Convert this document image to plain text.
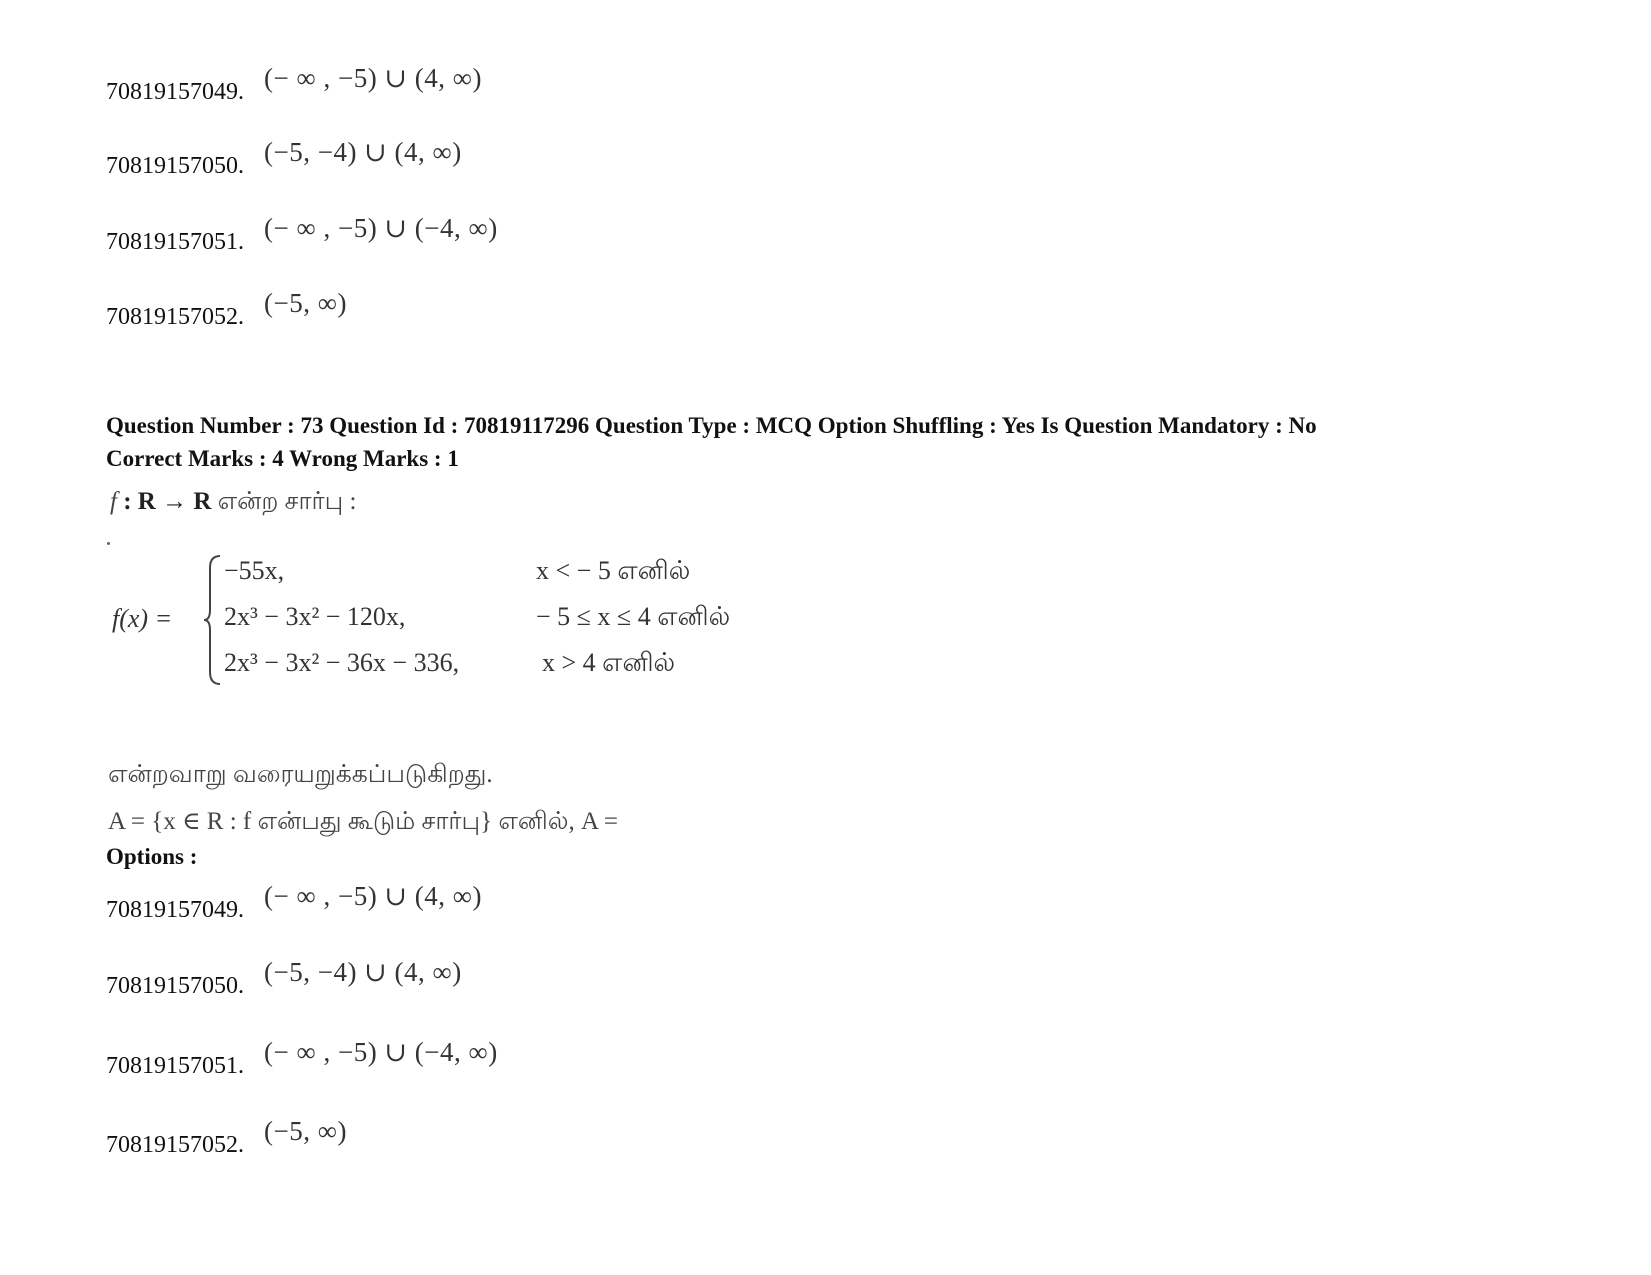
70819157049. (− ∞ , −5) ∪ (4, ∞)
70819157050. (−5, −4) ∪ (4, ∞)
70819157051. (− ∞ , −5) ∪ (−4, ∞)
70819157052. (−5, ∞)
Question Number : 73 Question Id : 70819117296 Question Type : MCQ Option Shuffling : Yes Is Question Mandatory : No
Correct Marks : 4 Wrong Marks : 1
f : R → R என்ற சார்பு :
f(x) =
−55x,	x < − 5 எனில்
2x³ − 3x² − 120x,	− 5 ≤ x ≤ 4 எனில்
2x³ − 3x² − 36x − 336,	x > 4 எனில்
என்றவாறு வரையறுக்கப்படுகிறது.
A = {x ∈ R : f என்பது கூடும் சார்பு} எனில், A =
Options :
70819157049. (− ∞ , −5) ∪ (4, ∞)
70819157050. (−5, −4) ∪ (4, ∞)
70819157051. (− ∞ , −5) ∪ (−4, ∞)
70819157052. (−5, ∞)
